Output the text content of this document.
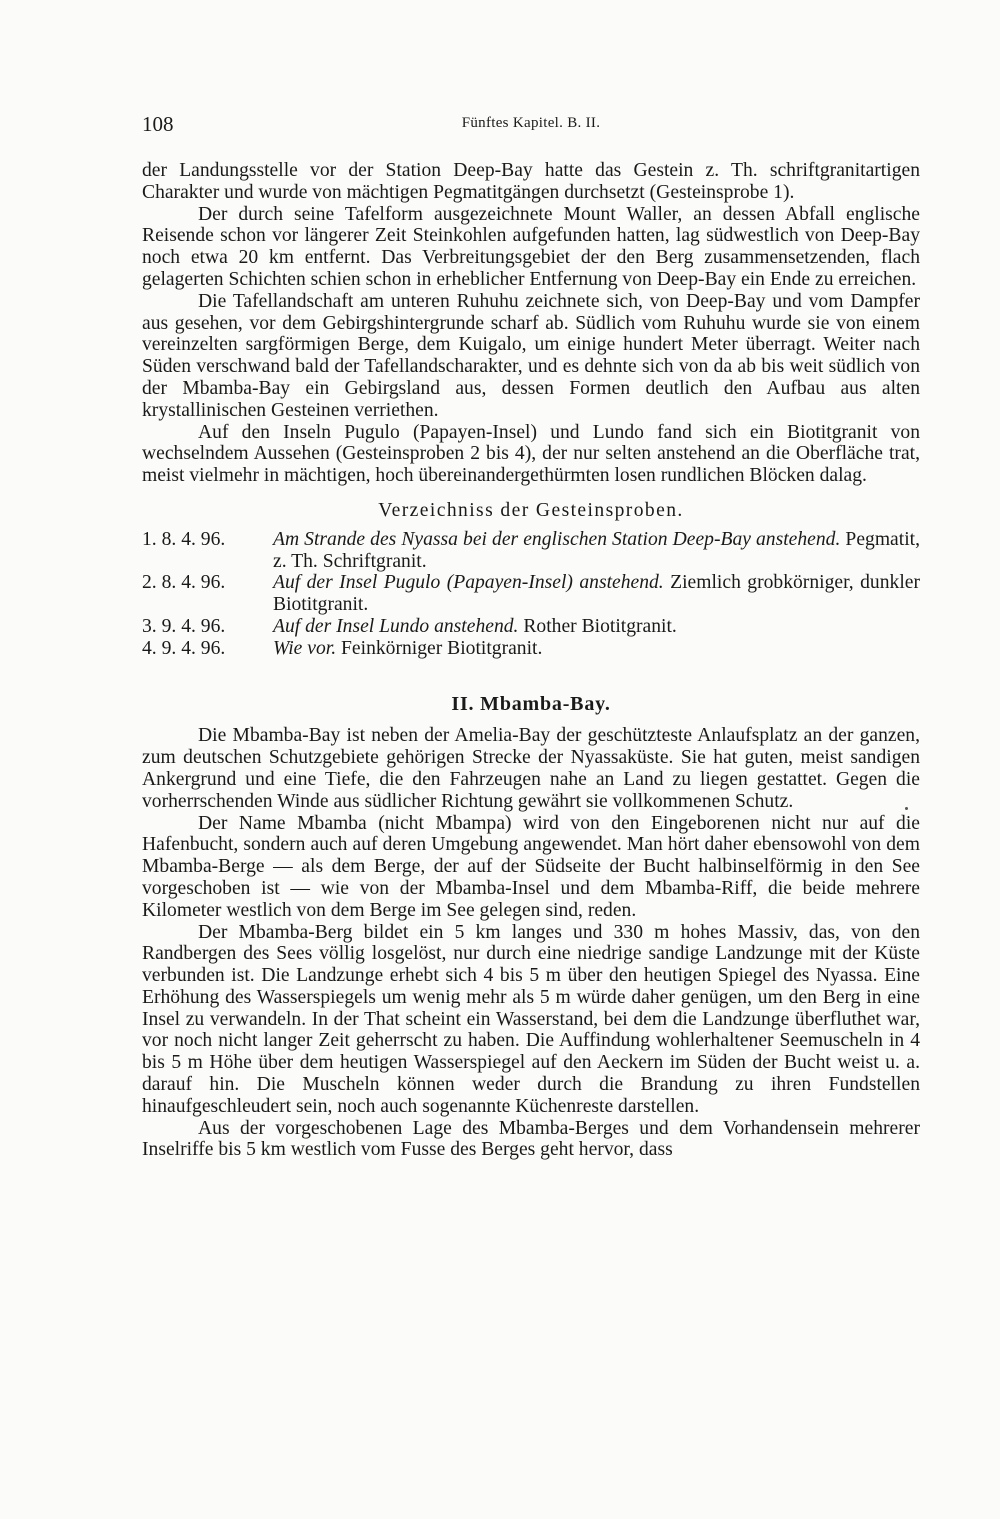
108	Fünftes Kapitel. B. II.

der Landungsstelle vor der Station Deep-Bay hatte das Gestein z. Th. schriftgranitartigen Charakter und wurde von mächtigen Pegmatitgängen durchsetzt (Gesteinsprobe 1).

Der durch seine Tafelform ausgezeichnete Mount Waller, an dessen Abfall englische Reisende schon vor längerer Zeit Steinkohlen aufgefunden hatten, lag südwestlich von Deep-Bay noch etwa 20 km entfernt. Das Verbreitungsgebiet der den Berg zusammensetzenden, flach gelagerten Schichten schien schon in erheblicher Entfernung von Deep-Bay ein Ende zu erreichen.

Die Tafellandschaft am unteren Ruhuhu zeichnete sich, von Deep-Bay und vom Dampfer aus gesehen, vor dem Gebirgshintergrunde scharf ab. Südlich vom Ruhuhu wurde sie von einem vereinzelten sargförmigen Berge, dem Kuigalo, um einige hundert Meter überragt. Weiter nach Süden verschwand bald der Tafellandscharakter, und es dehnte sich von da ab bis weit südlich von der Mbamba-Bay ein Gebirgsland aus, dessen Formen deutlich den Aufbau aus alten krystallinischen Gesteinen verriethen.

Auf den Inseln Pugulo (Papayen-Insel) und Lundo fand sich ein Biotitgranit von wechselndem Aussehen (Gesteinsproben 2 bis 4), der nur selten anstehend an die Oberfläche trat, meist vielmehr in mächtigen, hoch übereinandergethürmten losen rundlichen Blöcken dalag.

Verzeichniss der Gesteinsproben.
1. 8. 4. 96.	Am Strande des Nyassa bei der englischen Station Deep-Bay anstehend. Pegmatit, z. Th. Schriftgranit.
2. 8. 4. 96.	Auf der Insel Pugulo (Papayen-Insel) anstehend. Ziemlich grobkörniger, dunkler Biotitgranit.
3. 9. 4. 96.	Auf der Insel Lundo anstehend. Rother Biotitgranit.
4. 9. 4. 96.	Wie vor. Feinkörniger Biotitgranit.
II. Mbamba-Bay.

Die Mbamba-Bay ist neben der Amelia-Bay der geschützteste Anlaufsplatz an der ganzen, zum deutschen Schutzgebiete gehörigen Strecke der Nyassaküste. Sie hat guten, meist sandigen Ankergrund und eine Tiefe, die den Fahrzeugen nahe an Land zu liegen gestattet. Gegen die vorherrschenden Winde aus südlicher Richtung gewährt sie vollkommenen Schutz.

Der Name Mbamba (nicht Mbampa) wird von den Eingeborenen nicht nur auf die Hafenbucht, sondern auch auf deren Umgebung angewendet. Man hört daher ebensowohl von dem Mbamba-Berge — als dem Berge, der auf der Südseite der Bucht halbinselförmig in den See vorgeschoben ist — wie von der Mbamba-Insel und dem Mbamba-Riff, die beide mehrere Kilometer westlich von dem Berge im See gelegen sind, reden.

Der Mbamba-Berg bildet ein 5 km langes und 330 m hohes Massiv, das, von den Randbergen des Sees völlig losgelöst, nur durch eine niedrige sandige Landzunge mit der Küste verbunden ist. Die Landzunge erhebt sich 4 bis 5 m über den heutigen Spiegel des Nyassa. Eine Erhöhung des Wasserspiegels um wenig mehr als 5 m würde daher genügen, um den Berg in eine Insel zu verwandeln. In der That scheint ein Wasserstand, bei dem die Landzunge überfluthet war, vor noch nicht langer Zeit geherrscht zu haben. Die Auffindung wohlerhaltener Seemuscheln in 4 bis 5 m Höhe über dem heutigen Wasserspiegel auf den Aeckern im Süden der Bucht weist u. a. darauf hin. Die Muscheln können weder durch die Brandung zu ihren Fundstellen hinaufgeschleudert sein, noch auch sogenannte Küchenreste darstellen.

Aus der vorgeschobenen Lage des Mbamba-Berges und dem Vorhandensein mehrerer Inselriffe bis 5 km westlich vom Fusse des Berges geht hervor, dass
